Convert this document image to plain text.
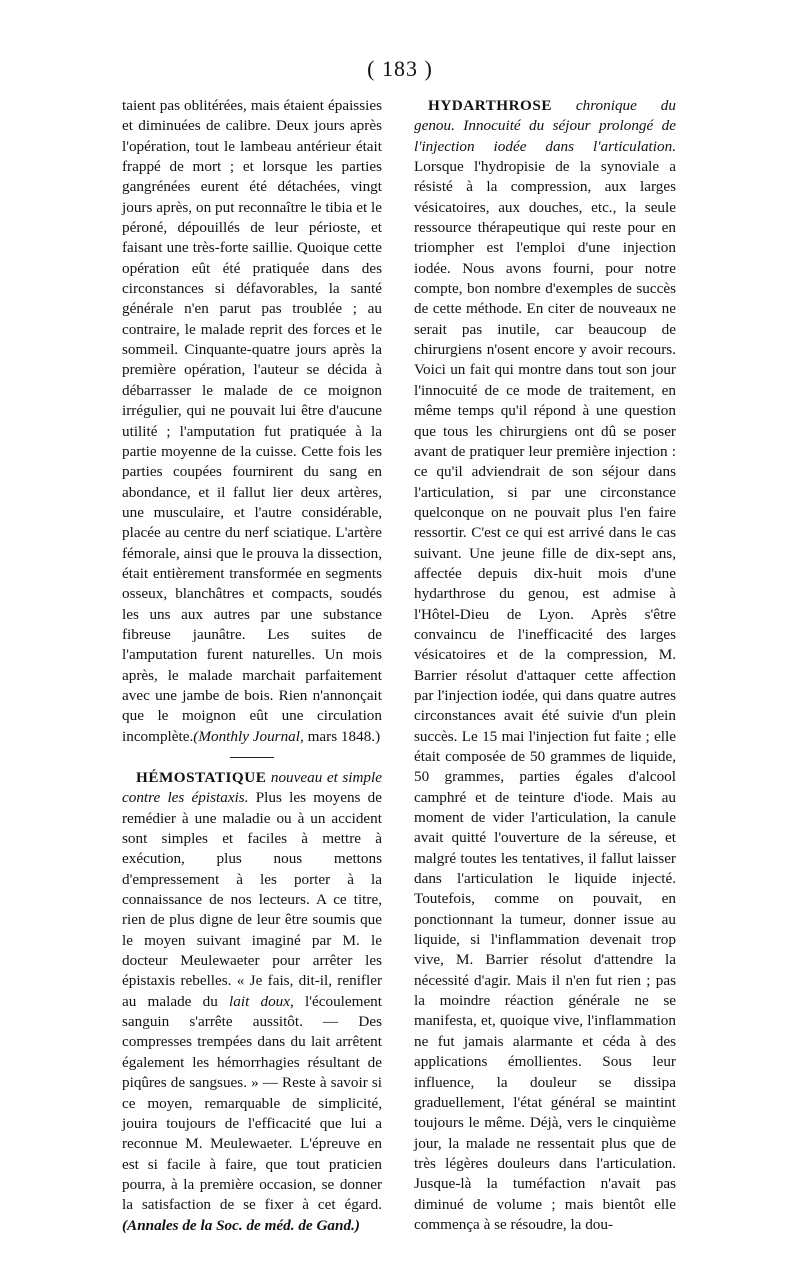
( 183 )

taient pas oblitérées, mais étaient épaissies et diminuées de calibre. Deux jours après l'opération, tout le lambeau antérieur était frappé de mort ; et lorsque les parties gangrénées eurent été détachées, vingt jours après, on put reconnaître le tibia et le péroné, dépouillés de leur périoste, et faisant une très-forte saillie. Quoique cette opération eût été pratiquée dans des circonstances si défavorables, la santé générale n'en parut pas troublée ; au contraire, le malade reprit des forces et le sommeil. Cinquante-quatre jours après la première opération, l'auteur se décida à débarrasser le malade de ce moignon irrégulier, qui ne pouvait lui être d'aucune utilité ; l'amputation fut pratiquée à la partie moyenne de la cuisse. Cette fois les parties coupées fournirent du sang en abondance, et il fallut lier deux artères, une musculaire, et l'autre considérable, placée au centre du nerf sciatique. L'artère fémorale, ainsi que le prouva la dissection, était entièrement transformée en segments osseux, blanchâtres et compacts, soudés les uns aux autres par une substance fibreuse jaunâtre. Les suites de l'amputation furent naturelles. Un mois après, le malade marchait parfaitement avec une jambe de bois. Rien n'annonçait que le moignon eût une circulation incomplète.(Monthly Journal, mars 1848.)

HÉMOSTATIQUE nouveau et simple contre les épistaxis. Plus les moyens de remédier à une maladie ou à un accident sont simples et faciles à mettre à exécution, plus nous mettons d'empressement à les porter à la connaissance de nos lecteurs. A ce titre, rien de plus digne de leur être soumis que le moyen suivant imaginé par M. le docteur Meulewaeter pour arrêter les épistaxis rebelles. « Je fais, dit-il, renifler au malade du lait doux, l'écoulement sanguin s'arrête aussitôt. — Des compresses trempées dans du lait arrêtent également les hémorrhagies résultant de piqûres de sangsues. » — Reste à savoir si ce moyen, remarquable de simplicité, jouira toujours de l'efficacité que lui a reconnue M. Meulewaeter. L'épreuve en est si facile à faire, que tout praticien pourra, à la première occasion, se donner la satisfaction de se fixer à cet égard. (Annales de la Soc. de méd. de Gand.)

HYDARTHROSE chronique du genou. Innocuité du séjour prolongé de l'injection iodée dans l'articulation. Lorsque l'hydropisie de la synoviale a résisté à la compression, aux larges vésicatoires, aux douches, etc., la seule ressource thérapeutique qui reste pour en triompher est l'emploi d'une injection iodée. Nous avons fourni, pour notre compte, bon nombre d'exemples de succès de cette méthode. En citer de nouveaux ne serait pas inutile, car beaucoup de chirurgiens n'osent encore y avoir recours. Voici un fait qui montre dans tout son jour l'innocuité de ce mode de traitement, en même temps qu'il répond à une question que tous les chirurgiens ont dû se poser avant de pratiquer leur première injection : ce qu'il adviendrait de son séjour dans l'articulation, si par une circonstance quelconque on ne pouvait plus l'en faire ressortir. C'est ce qui est arrivé dans le cas suivant. Une jeune fille de dix-sept ans, affectée depuis dix-huit mois d'une hydarthrose du genou, est admise à l'Hôtel-Dieu de Lyon. Après s'être convaincu de l'inefficacité des larges vésicatoires et de la compression, M. Barrier résolut d'attaquer cette affection par l'injection iodée, qui dans quatre autres circonstances avait été suivie d'un plein succès. Le 15 mai l'injection fut faite ; elle était composée de 50 grammes de liquide, 50 grammes, parties égales d'alcool camphré et de teinture d'iode. Mais au moment de vider l'articulation, la canule avait quitté l'ouverture de la séreuse, et malgré toutes les tentatives, il fallut laisser dans l'articulation le liquide injecté. Toutefois, comme on pouvait, en ponctionnant la tumeur, donner issue au liquide, si l'inflammation devenait trop vive, M. Barrier résolut d'attendre la nécessité d'agir. Mais il n'en fut rien ; pas la moindre réaction générale ne se manifesta, et, quoique vive, l'inflammation ne fut jamais alarmante et céda à des applications émollientes. Sous leur influence, la douleur se dissipa graduellement, l'état général se maintint toujours le même. Déjà, vers le cinquième jour, la malade ne ressentait plus que de très légères douleurs dans l'articulation. Jusque-là la tuméfaction n'avait pas diminué de volume ; mais bientôt elle commença à se résoudre, la dou-
